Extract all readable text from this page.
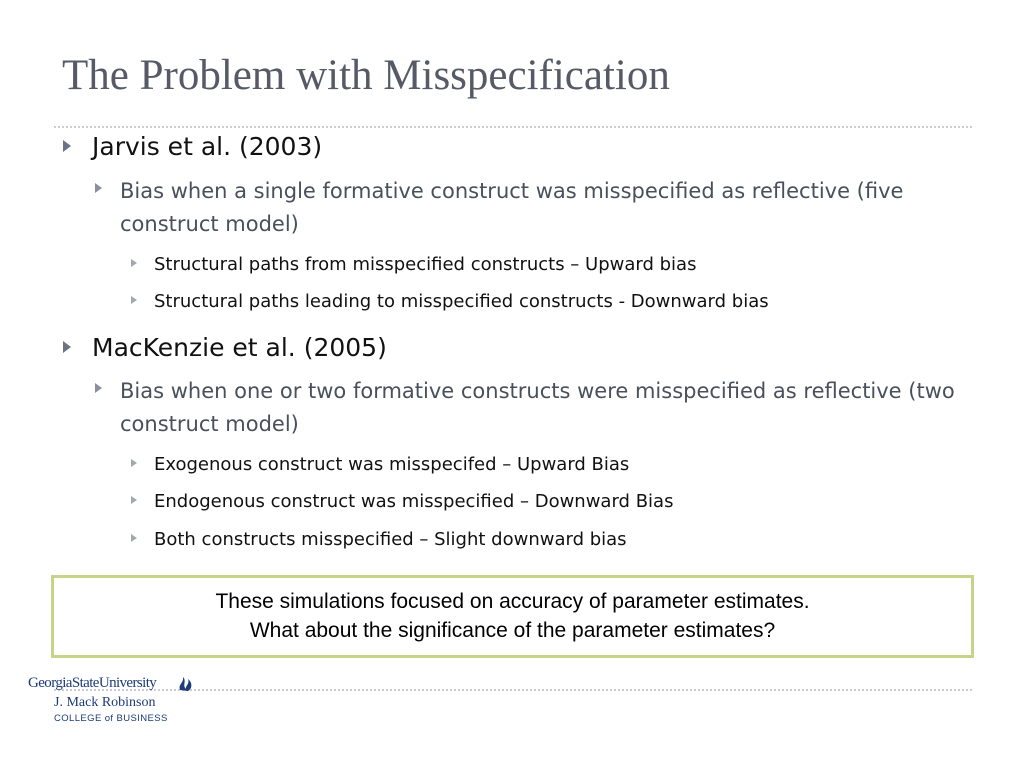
The Problem with Misspecification
Jarvis et al. (2003)
Bias when a single formative construct was misspecified as reflective (five construct model)
Structural paths from misspecified constructs – Upward bias
Structural paths leading to misspecified constructs - Downward bias
MacKenzie et al. (2005)
Bias when one or two formative constructs were misspecified as reflective (two construct model)
Exogenous construct was misspecifed – Upward Bias
Endogenous construct was misspecified – Downward Bias
Both constructs misspecified – Slight downward bias
These simulations focused on accuracy of parameter estimates.
What about the significance of the parameter estimates?
GeorgiaStateUniversity
J. Mack Robinson
COLLEGE of BUSINESS
